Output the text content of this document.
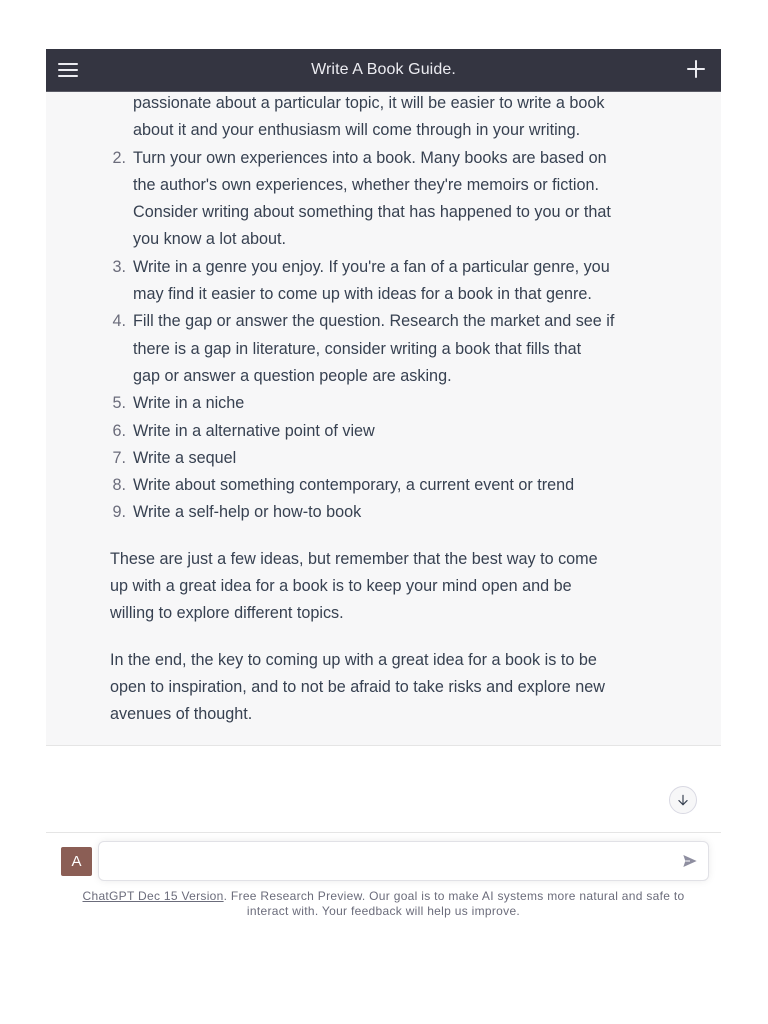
Write A Book Guide.

passionate about a particular topic, it will be easier to write a book
about it and your enthusiasm will come through in your writing.

2. Turn your own experiences into a book. Many books are based on
the author's own experiences, whether they're memoirs or fiction.
Consider writing about something that has happened to you or that
you know a lot about.
3. Write in a genre you enjoy. If you're a fan of a particular genre, you
may find it easier to come up with ideas for a book in that genre.
4. Fill the gap or answer the question. Research the market and see if
there is a gap in literature, consider writing a book that fills that
gap or answer a question people are asking.
5. Write in a niche
6. Write in a alternative point of view
7. Write a sequel
8. Write about something contemporary, a current event or trend
9. Write a self-help or how-to book

These are just a few ideas, but remember that the best way to come
up with a great idea for a book is to keep your mind open and be
willing to explore different topics.

In the end, the key to coming up with a great idea for a book is to be
open to inspiration, and to not be afraid to take risks and explore new
avenues of thought.

A
ChatGPT Dec 15 Version. Free Research Preview. Our goal is to make AI systems more natural and safe to interact with. Your feedback will help us improve.
